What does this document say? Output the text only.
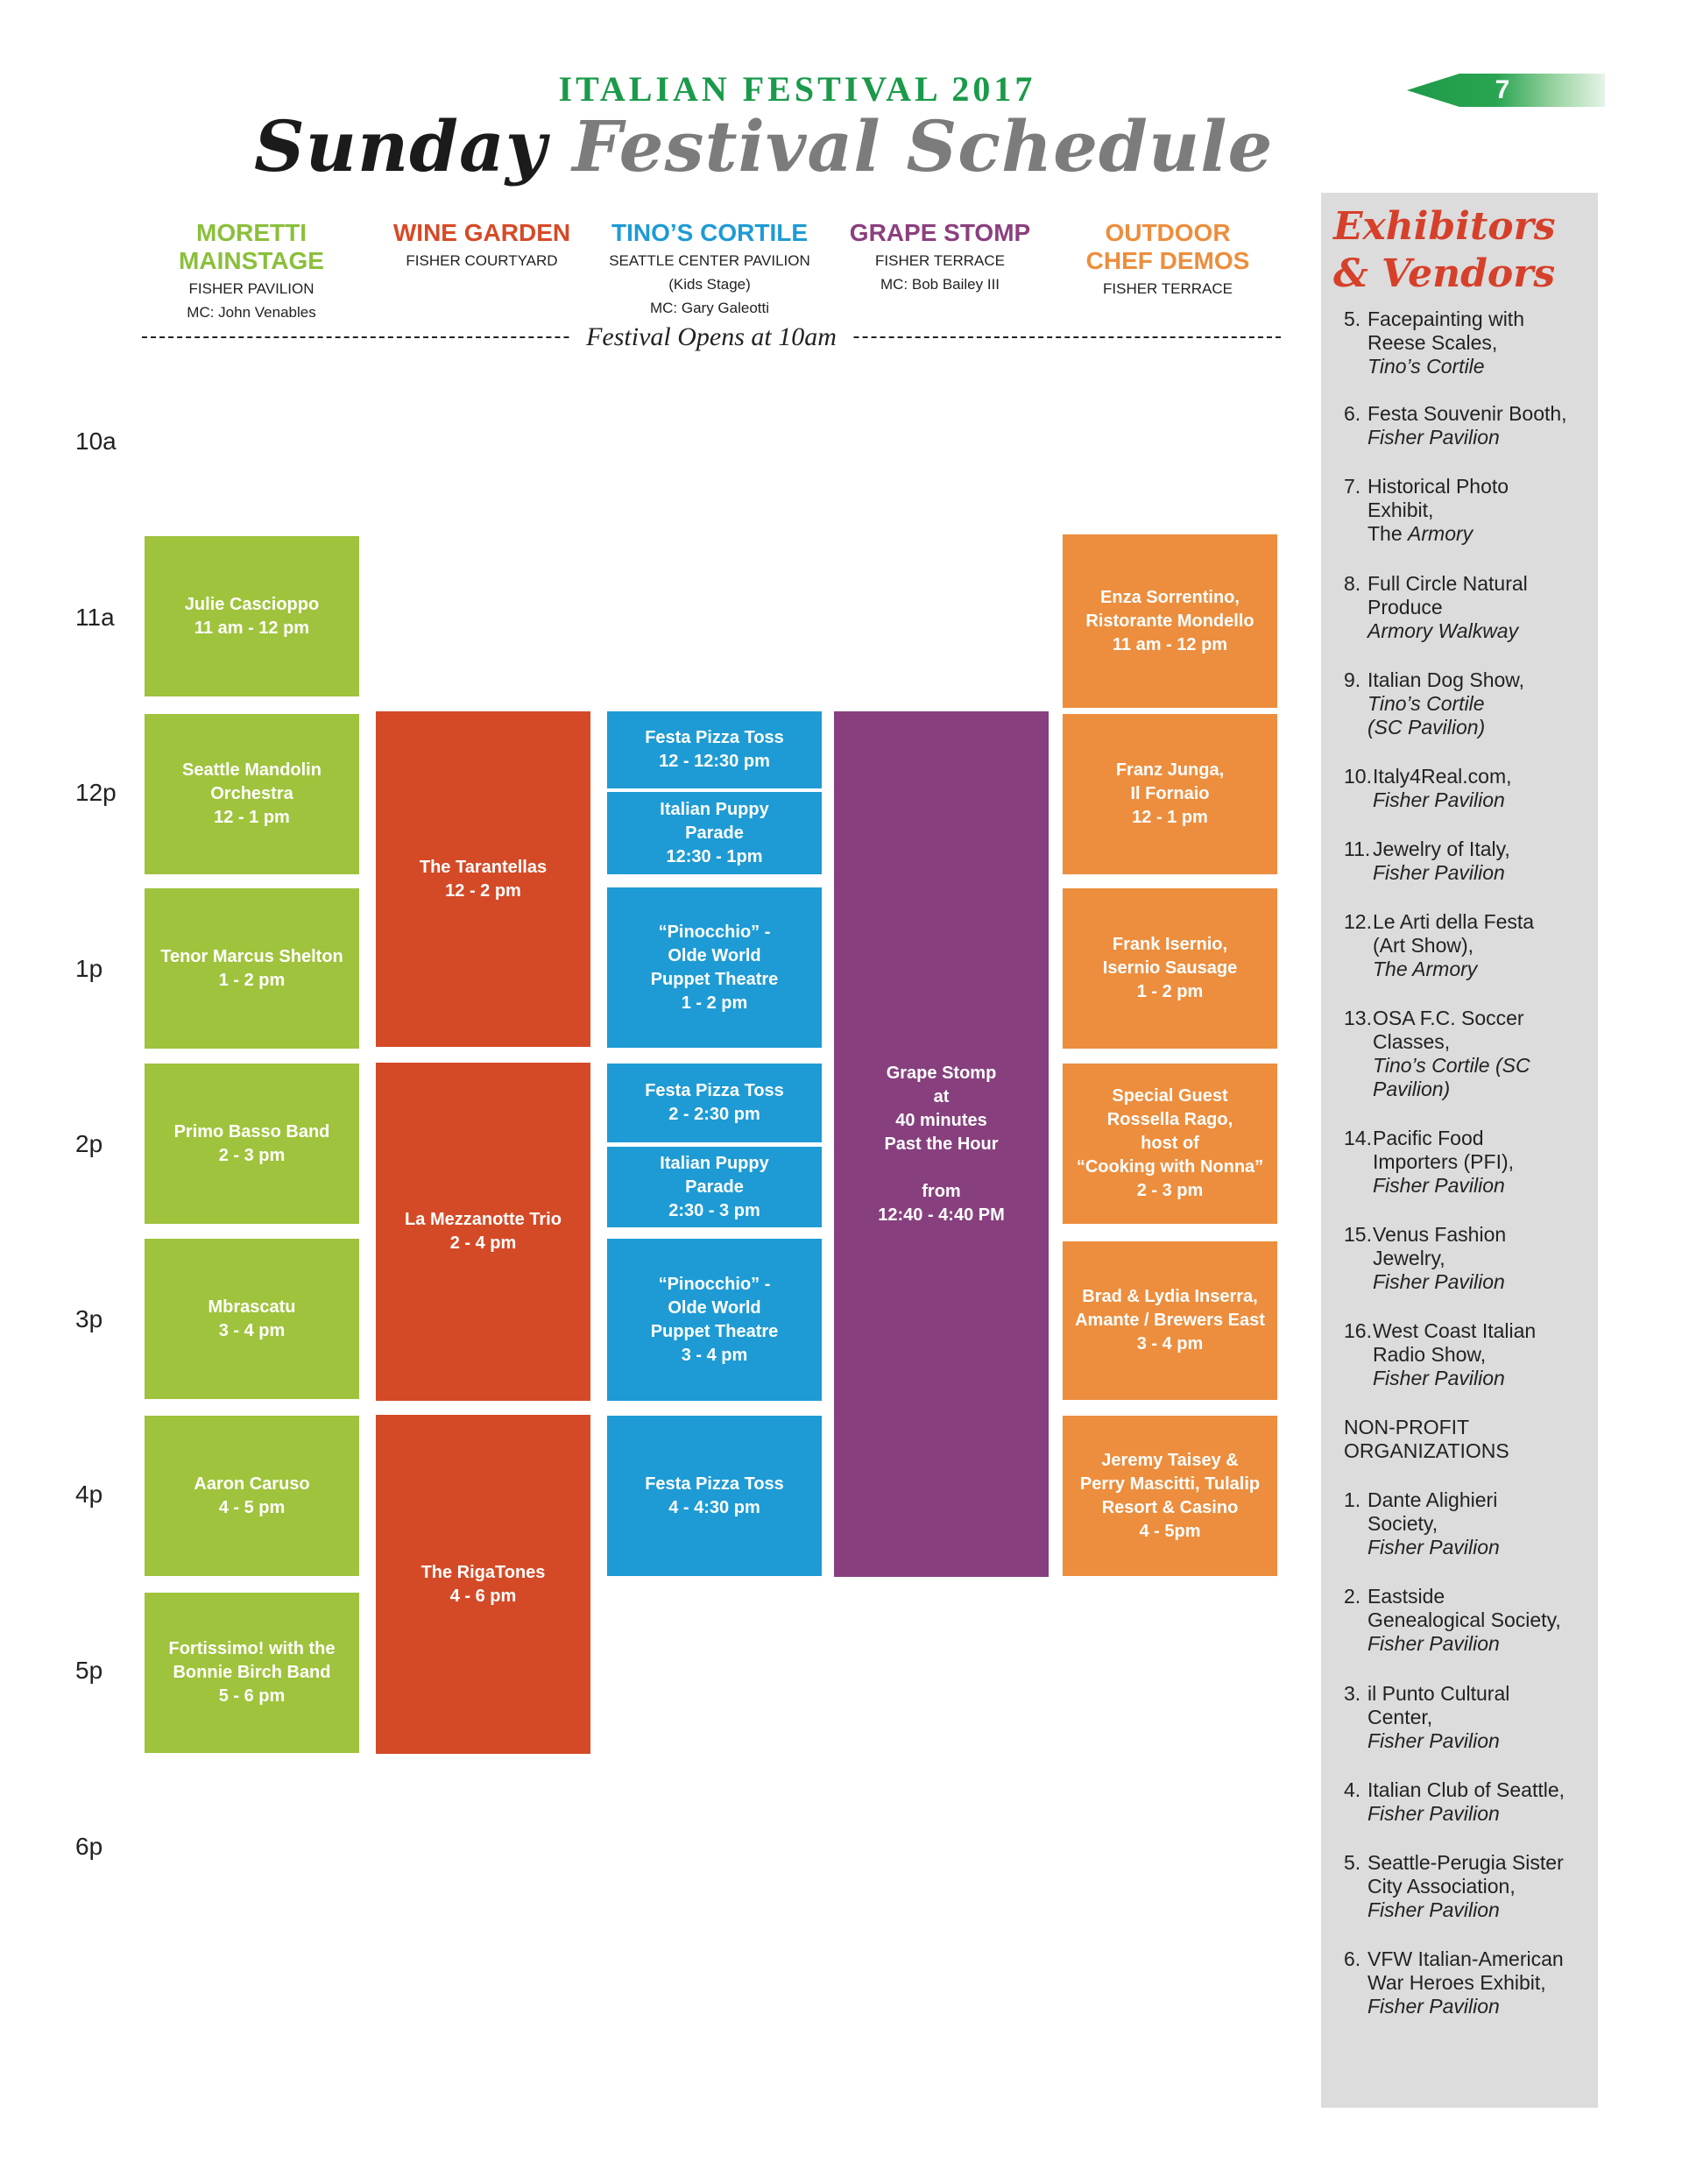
ITALIAN FESTIVAL 2017
Sunday Festival Schedule
7
MORETTI
MAINSTAGE
FISHER PAVILION
MC: John Venables
WINE GARDEN
FISHER COURTYARD
TINO’S CORTILE
SEATTLE CENTER PAVILION
(Kids Stage)
MC: Gary Galeotti
GRAPE STOMP
FISHER TERRACE
MC: Bob Bailey III
OUTDOOR
CHEF DEMOS
FISHER TERRACE
Festival Opens at 10am
10a
11a
12p
1p
2p
3p
4p
5p
6p
Julie Cascioppo
11 am - 12 pm
Seattle Mandolin
Orchestra
12 - 1 pm
Tenor Marcus Shelton
1 - 2 pm
Primo Basso Band
2 - 3 pm
Mbrascatu
3 - 4 pm
Aaron Caruso
4 - 5 pm
Fortissimo! with the
Bonnie Birch Band
5 - 6 pm
The Tarantellas
12 - 2 pm
La Mezzanotte Trio
2 - 4 pm
The RigaTones
4 - 6 pm
Festa Pizza Toss
12 - 12:30 pm
Italian Puppy
Parade
12:30 - 1pm
“Pinocchio” -
Olde World
Puppet Theatre
1 - 2 pm
Festa Pizza Toss
2 - 2:30 pm
Italian Puppy
Parade
2:30 - 3 pm
“Pinocchio” -
Olde World
Puppet Theatre
3 - 4 pm
Festa Pizza Toss
4 - 4:30 pm
Grape Stomp
at
40 minutes
Past the Hour

from
12:40 - 4:40 PM
Enza Sorrentino,
Ristorante Mondello
11 am - 12 pm
Franz Junga,
Il Fornaio
12 - 1 pm
Frank Isernio,
Isernio Sausage
1 - 2 pm
Special Guest
Rossella Rago,
host of
“Cooking with Nonna”
2 - 3 pm
Brad & Lydia Inserra,
Amante / Brewers East
3 - 4 pm
Jeremy Taisey &
Perry Mascitti, Tulalip
Resort & Casino
4 - 5pm
Exhibitors
& Vendors
5. Facepainting with
Reese Scales,
Tino’s Cortile
6. Festa Souvenir Booth,
Fisher Pavilion
7. Historical Photo
Exhibit,
The Armory
8. Full Circle Natural
Produce
Armory Walkway
9. Italian Dog Show,
Tino’s Cortile
(SC Pavilion)
10. Italy4Real.com,
Fisher Pavilion
11. Jewelry of Italy,
Fisher Pavilion
12. Le Arti della Festa
(Art Show),
The Armory
13. OSA F.C. Soccer
Classes,
Tino’s Cortile (SC
Pavilion)
14. Pacific Food
Importers (PFI),
Fisher Pavilion
15. Venus Fashion
Jewelry,
Fisher Pavilion
16. West Coast Italian
Radio Show,
Fisher Pavilion
NON-PROFIT
ORGANIZATIONS
1. Dante Alighieri
Society,
Fisher Pavilion
2. Eastside
Genealogical Society,
Fisher Pavilion
3. il Punto Cultural
Center,
Fisher Pavilion
4. Italian Club of Seattle,
Fisher Pavilion
5. Seattle-Perugia Sister
City Association,
Fisher Pavilion
6. VFW Italian-American
War Heroes Exhibit,
Fisher Pavilion
